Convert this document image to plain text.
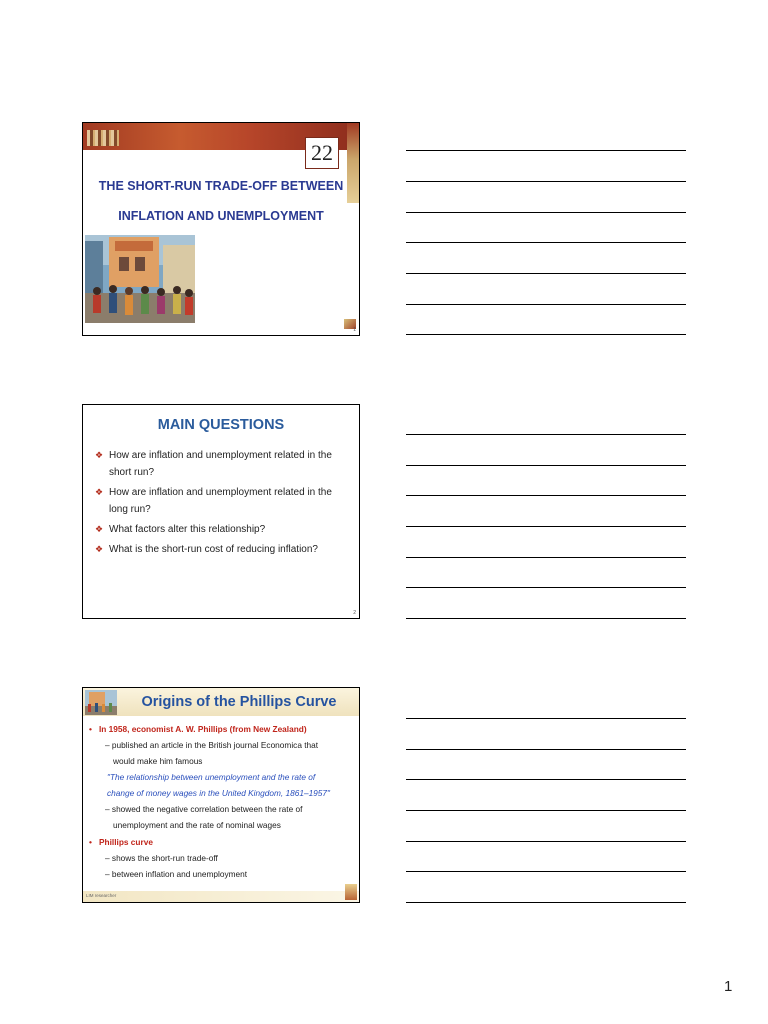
22
THE SHORT-RUN TRADE-OFF BETWEEN
INFLATION AND UNEMPLOYMENT
1
MAIN QUESTIONS
❖ How are inflation and unemployment related in the short run?
❖ How are inflation and unemployment related in the long run?
❖ What factors alter this relationship?
❖ What is the short-run cost of reducing inflation?
2
Origins of the Phillips Curve
• In 1958, economist A. W. Phillips (from New Zealand)
– published an article in the British journal Economica that
would make him famous
"The relationship between unemployment and the rate of
change of money wages in the United Kingdom, 1861–1957"
– showed the negative correlation between the rate of
unemployment and the rate of nominal wages
• Phillips curve
– shows the short-run trade-off
– between inflation and unemployment
LIM researcher
1
